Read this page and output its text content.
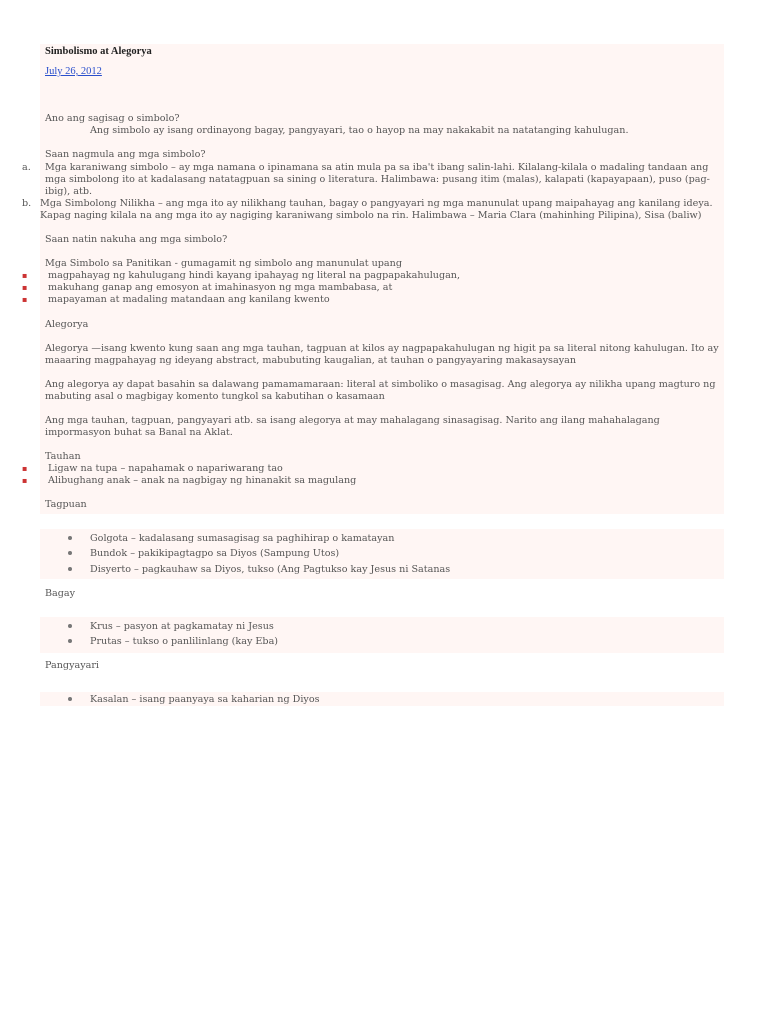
Simbolismo at Alegorya
July 26, 2012
Ano ang sagisag o simbolo?
Ang simbolo ay isang ordinayong bagay, pangyayari, tao o hayop na may nakakabit na natatanging kahulugan.
Saan nagmula ang mga simbolo?
a. Mga karaniwang simbolo – ay mga namana o ipinamana sa atin mula pa sa iba't ibang salin-lahi. Kilalang-kilala o madaling tandaan ang mga simbolong ito at kadalasang natatagpuan sa sining o literatura. Halimbawa: pusang itim (malas), kalapati (kapayapaan), puso (pag-ibig), atb.
b. Mga Simbolong Nilikha – ang mga ito ay nilikhang tauhan, bagay o pangyayari ng mga manunulat upang maipahayag ang kanilang ideya. Kapag naging kilala na ang mga ito ay nagiging karaniwang simbolo na rin. Halimbawa – Maria Clara (mahinhing Pilipina), Sisa (baliw)
Saan natin nakuha ang mga simbolo?
Mga Simbolo sa Panitikan - gumagamit ng simbolo ang manunulat upang
▪ magpahayag ng kahulugang hindi kayang ipahayag ng literal na pagpapakahulugan,
▪ makuhang ganap ang emosyon at imahinasyon ng mga mambabasa, at
▪ mapayaman at madaling matandaan ang kanilang kwento
Alegorya
Alegorya —isang kwento kung saan ang mga tauhan, tagpuan at kilos ay nagpapakahulugan ng higit pa sa literal nitong kahulugan. Ito ay maaaring magpahayag ng ideyang abstract, mabubuting kaugalian, at tauhan o pangyayaring makasaysayan
Ang alegorya ay dapat basahin sa dalawang pamamamaraan: literal at simboliko o masagisag. Ang alegorya ay nilikha upang magturo ng mabuting asal o magbigay komento tungkol sa kabutihan o kasamaan
Ang mga tauhan, tagpuan, pangyayari atb. sa isang alegorya at may mahalagang sinasagisag. Narito ang ilang mahahalagang impormasyon buhat sa Banal na Aklat.
Tauhan
▪ Ligaw na tupa – napahamak o napariwarang tao
▪ Alibughang anak – anak na nagbigay ng hinanakit sa magulang
Tagpuan
Golgota – kadalasang sumasagisag sa paghihirap o kamatayan
Bundok – pakikipagtagpo sa Diyos (Sampung Utos)
Disyerto – pagkauhaw sa Diyos, tukso (Ang Pagtukso kay Jesus ni Satanas
Bagay
Krus – pasyon at pagkamatay ni Jesus
Prutas – tukso o panlilinlang (kay Eba)
Pangyayari
Kasalan – isang paanyaya sa kaharian ng Diyos
